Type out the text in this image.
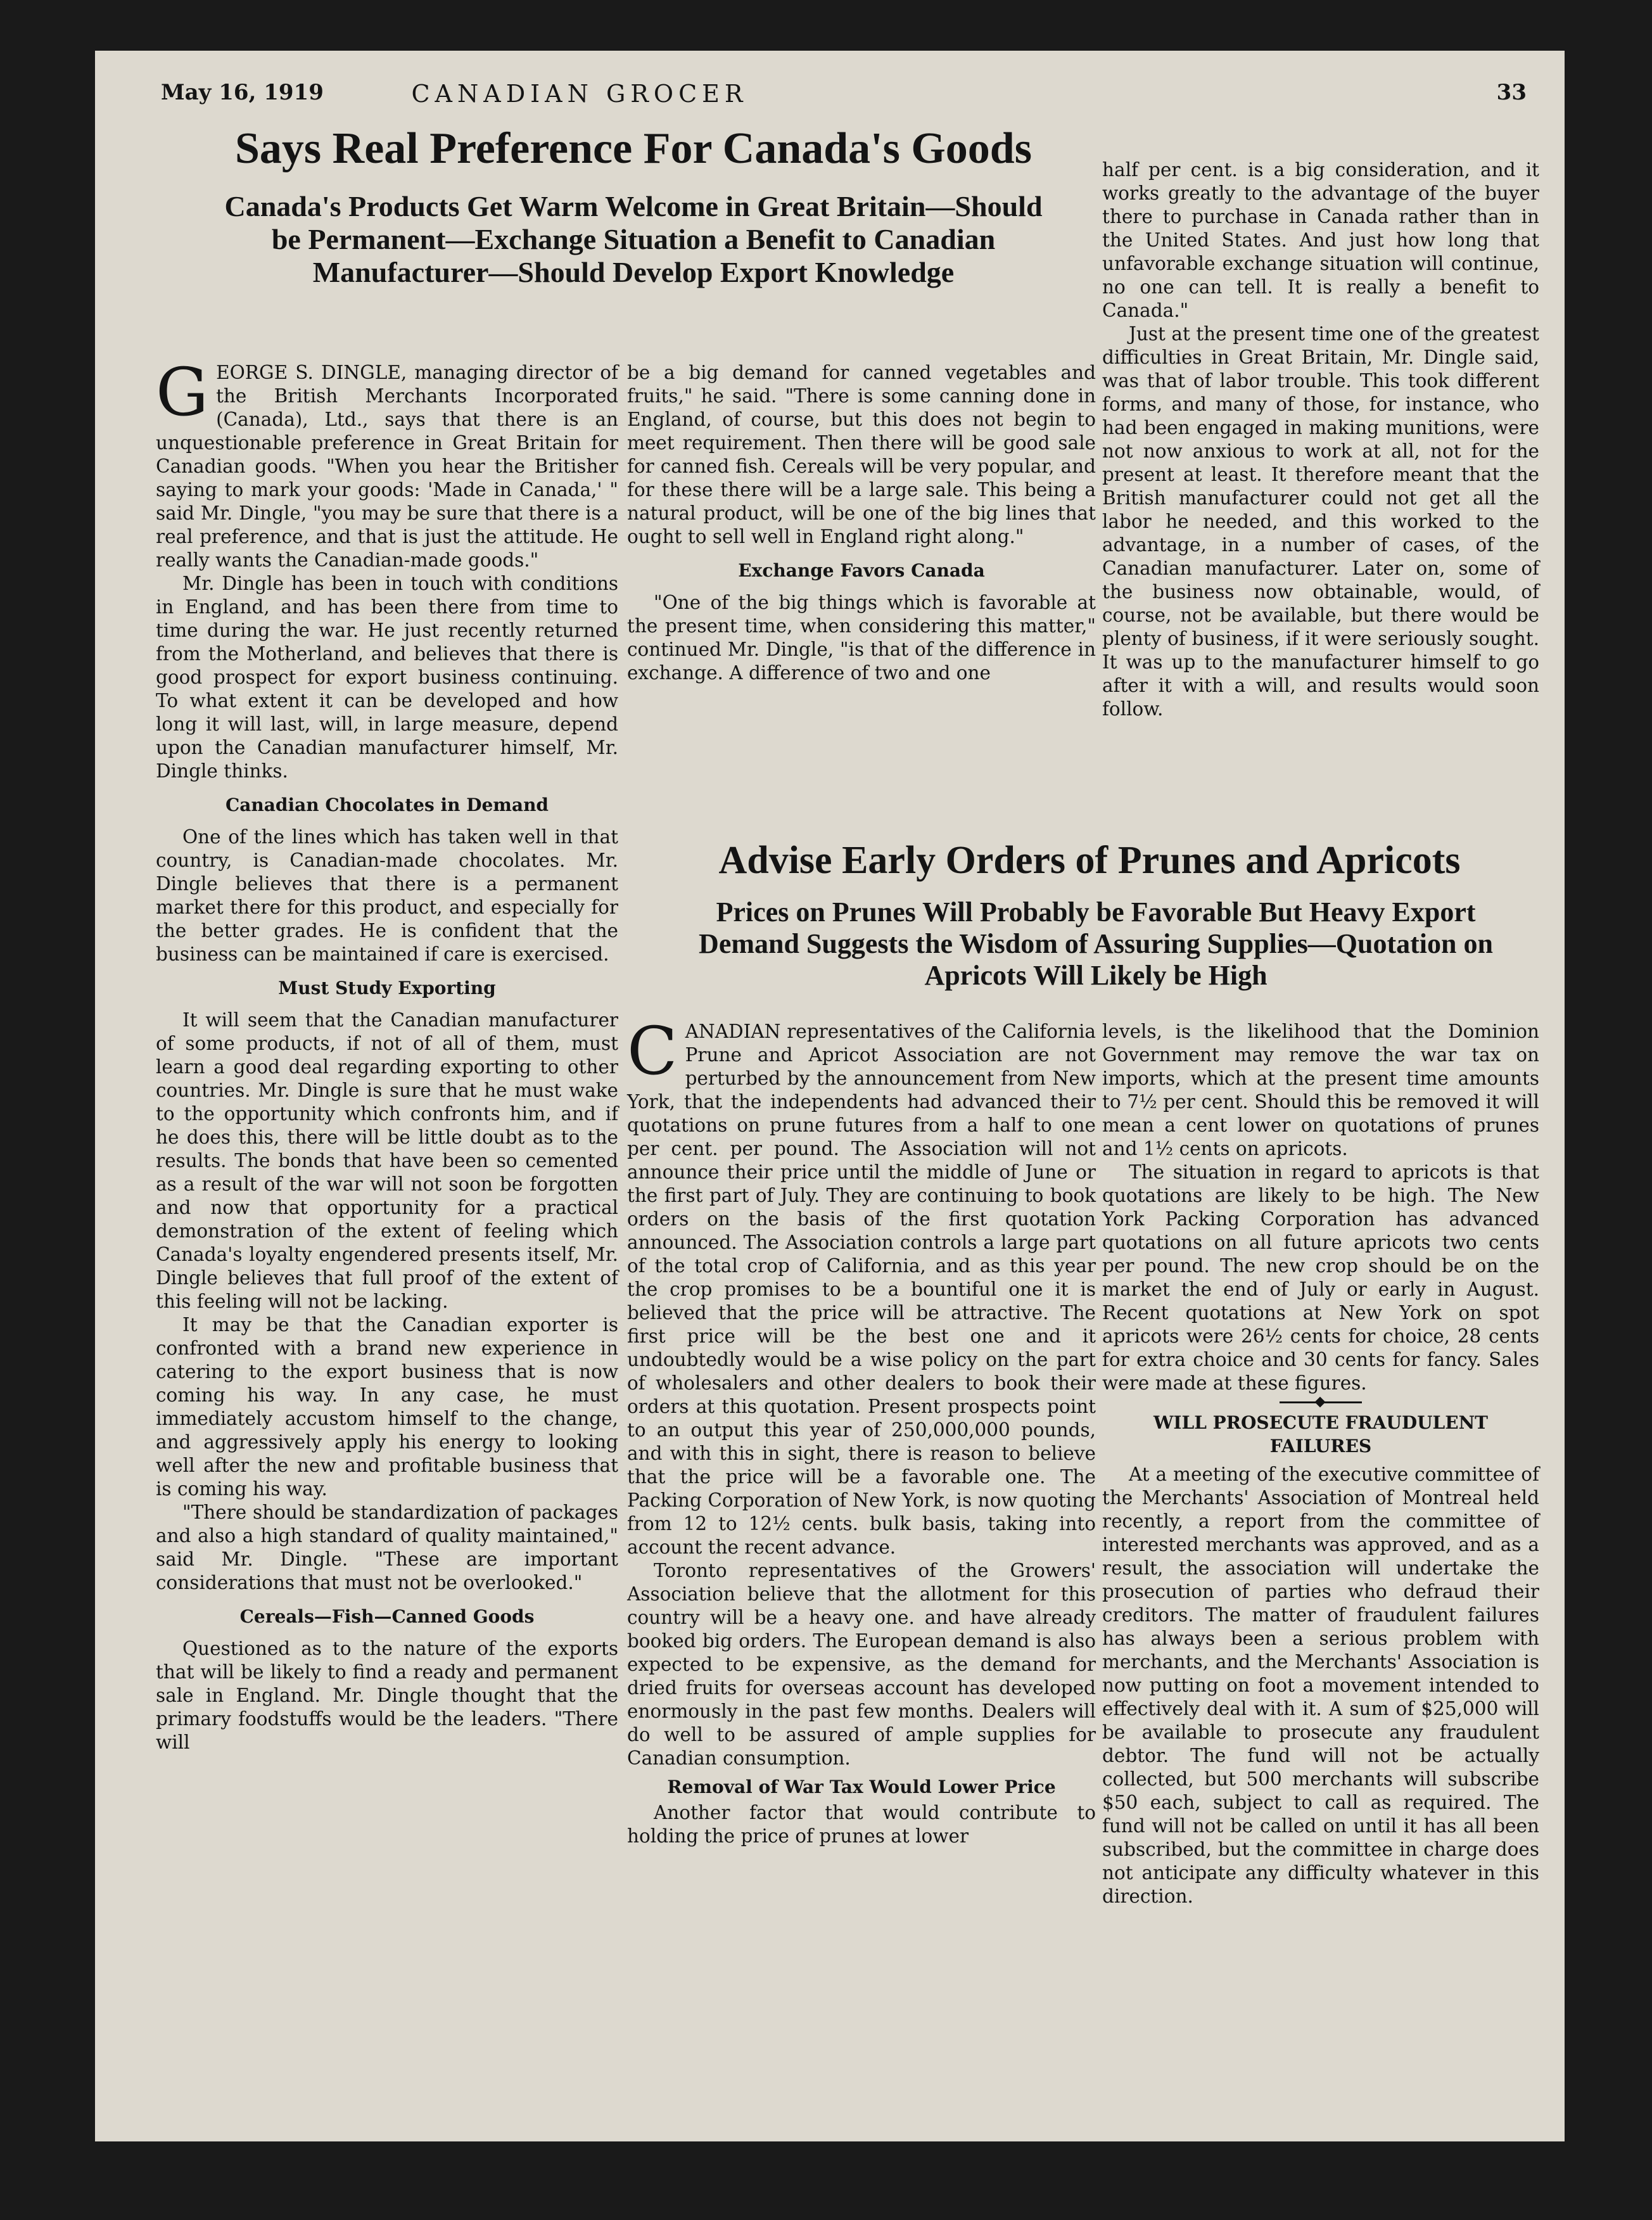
May 16, 1919	CANADIAN GROCER	33
Says Real Preference For Canada's Goods
Canada's Products Get Warm Welcome in Great Britain—Should be Permanent—Exchange Situation a Benefit to Canadian Manufacturer—Should Develop Export Knowledge

GEORGE S. DINGLE, managing director of the British Merchants Incorporated (Canada), Ltd., says that there is an unquestionable preference in Great Britain for Canadian goods. "When you hear the Britisher saying to mark your goods: 'Made in Canada,' " said Mr. Dingle, "you may be sure that there is a real preference, and that is just the attitude. He really wants the Canadian-made goods."

Mr. Dingle has been in touch with conditions in England, and has been there from time to time during the war. He just recently returned from the Motherland, and believes that there is good prospect for export business continuing. To what extent it can be developed and how long it will last, will, in large measure, depend upon the Canadian manufacturer himself, Mr. Dingle thinks.

Canadian Chocolates in Demand

One of the lines which has taken well in that country, is Canadian-made chocolates. Mr. Dingle believes that there is a permanent market there for this product, and especially for the better grades. He is confident that the business can be maintained if care is exercised.

Must Study Exporting

It will seem that the Canadian manufacturer of some products, if not of all of them, must learn a good deal regarding exporting to other countries. Mr. Dingle is sure that he must wake to the opportunity which confronts him, and if he does this, there will be little doubt as to the results. The bonds that have been so cemented as a result of the war will not soon be forgotten and now that opportunity for a practical demonstration of the extent of feeling which Canada's loyalty engendered presents itself, Mr. Dingle believes that full proof of the extent of this feeling will not be lacking.

It may be that the Canadian exporter is confronted with a brand new experience in catering to the export business that is now coming his way. In any case, he must immediately accustom himself to the change, and aggressively apply his energy to looking well after the new and profitable business that is coming his way.

"There should be standardization of packages and also a high standard of quality maintained," said Mr. Dingle. "These are important considerations that must not be overlooked."

Cereals—Fish—Canned Goods

Questioned as to the nature of the exports that will be likely to find a ready and permanent sale in England. Mr. Dingle thought that the primary foodstuffs would be the leaders. "There will

be a big demand for canned vegetables and fruits," he said. "There is some canning done in England, of course, but this does not begin to meet requirement. Then there will be good sale for canned fish. Cereals will be very popular, and for these there will be a large sale. This being a natural product, will be one of the big lines that ought to sell well in England right along."

Exchange Favors Canada

"One of the big things which is favorable at the present time, when considering this matter," continued Mr. Dingle, "is that of the difference in exchange. A difference of two and one

half per cent. is a big consideration, and it works greatly to the advantage of the buyer there to purchase in Canada rather than in the United States. And just how long that unfavorable exchange situation will continue, no one can tell. It is really a benefit to Canada."

Just at the present time one of the greatest difficulties in Great Britain, Mr. Dingle said, was that of labor trouble. This took different forms, and many of those, for instance, who had been engaged in making munitions, were not now anxious to work at all, not for the present at least. It therefore meant that the British manufacturer could not get all the labor he needed, and this worked to the advantage, in a number of cases, of the Canadian manufacturer. Later on, some of the business now obtainable, would, of course, not be available, but there would be plenty of business, if it were seriously sought. It was up to the manufacturer himself to go after it with a will, and results would soon follow.

Advise Early Orders of Prunes and Apricots
Prices on Prunes Will Probably be Favorable But Heavy Export Demand Suggests the Wisdom of Assuring Supplies—Quotation on Apricots Will Likely be High

CANADIAN representatives of the California Prune and Apricot Association are not perturbed by the announcement from New York, that the independents had advanced their quotations on prune futures from a half to one per cent. per pound. The Association will not announce their price until the middle of June or the first part of July. They are continuing to book orders on the basis of the first quotation announced. The Association controls a large part of the total crop of California, and as this year the crop promises to be a bountiful one it is believed that the price will be attractive. The first price will be the best one and it undoubtedly would be a wise policy on the part of wholesalers and other dealers to book their orders at this quotation. Present prospects point to an output this year of 250,000,000 pounds, and with this in sight, there is reason to believe that the price will be a favorable one. The Packing Corporation of New York, is now quoting from 12 to 12½ cents. bulk basis, taking into account the recent advance.

Toronto representatives of the Growers' Association believe that the allotment for this country will be a heavy one. and have already booked big orders. The European demand is also expected to be expensive, as the demand for dried fruits for overseas account has developed enormously in the past few months. Dealers will do well to be assured of ample supplies for Canadian consumption.

Removal of War Tax Would Lower Price

Another factor that would contribute to holding the price of prunes at lower

levels, is the likelihood that the Dominion Government may remove the war tax on imports, which at the present time amounts to 7½ per cent. Should this be removed it will mean a cent lower on quotations of prunes and 1½ cents on apricots.

The situation in regard to apricots is that quotations are likely to be high. The New York Packing Corporation has advanced quotations on all future apricots two cents per pound. The new crop should be on the market the end of July or early in August. Recent quotations at New York on spot apricots were 26½ cents for choice, 28 cents for extra choice and 30 cents for fancy. Sales were made at these figures.

WILL PROSECUTE FRAUDULENT FAILURES

At a meeting of the executive committee of the Merchants' Association of Montreal held recently, a report from the committee of interested merchants was approved, and as a result, the association will undertake the prosecution of parties who defraud their creditors. The matter of fraudulent failures has always been a serious problem with merchants, and the Merchants' Association is now putting on foot a movement intended to effectively deal with it. A sum of $25,000 will be available to prosecute any fraudulent debtor. The fund will not be actually collected, but 500 merchants will subscribe $50 each, subject to call as required. The fund will not be called on until it has all been subscribed, but the committee in charge does not anticipate any difficulty whatever in this direction.
